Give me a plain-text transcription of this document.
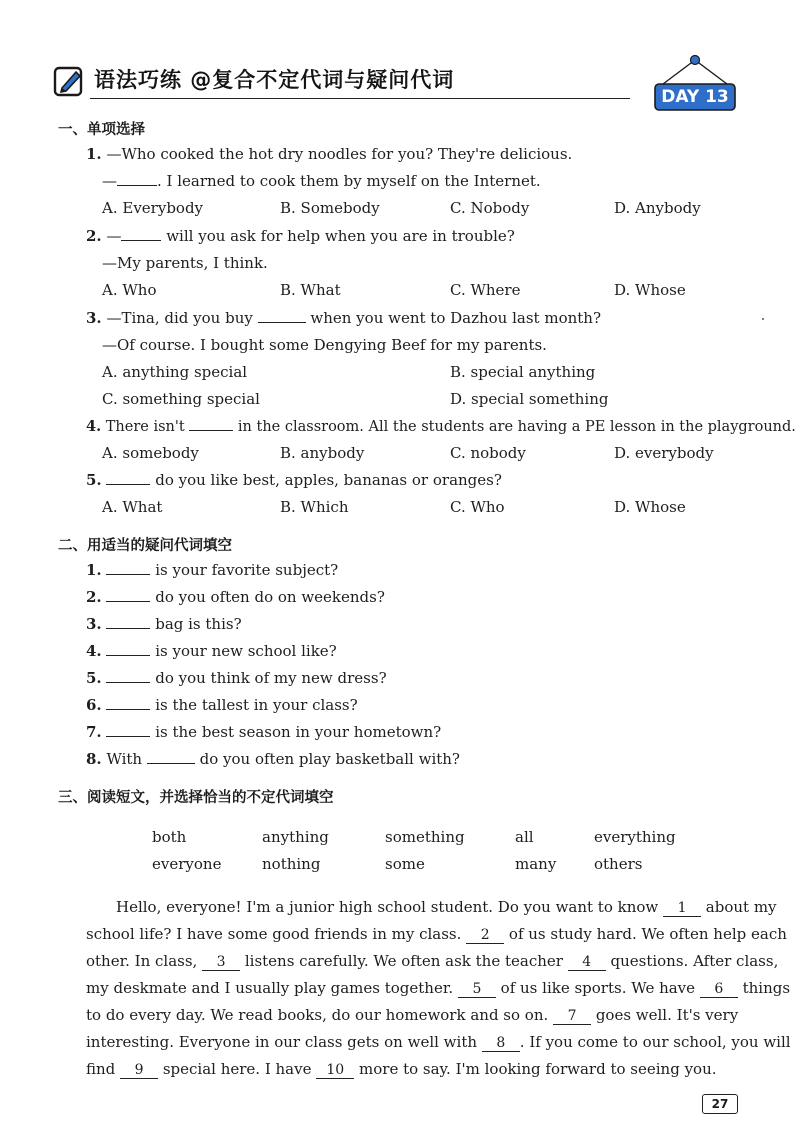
语法巧练 @复合不定代词与疑问代词
DAY 13
一、单项选择
1. —Who cooked the hot dry noodles for you? They're delicious.
—	. I learned to cook them by myself on the Internet.
A. Everybody	B. Somebody	C. Nobody	D. Anybody
2. —	will you ask for help when you are in trouble?
—My parents, I think.
A. Who	B. What	C. Where	D. Whose
3. —Tina, did you buy	when you went to Dazhou last month?
—Of course. I bought some Dengying Beef for my parents.
A. anything special	B. special anything
C. something special	D. special something
4. There isn't	in the classroom. All the students are having a PE lesson in the playground.
A. somebody	B. anybody	C. nobody	D. everybody
5.	do you like best, apples, bananas or oranges?
A. What	B. Which	C. Who	D. Whose
二、用适当的疑问代词填空
1.	is your favorite subject?
2.	do you often do on weekends?
3.	bag is this?
4.	is your new school like?
5.	do you think of my new dress?
6.	is the tallest in your class?
7.	is the best season in your hometown?
8. With	do you often play basketball with?
三、阅读短文，并选择恰当的不定代词填空
both	anything	something	all	everything
everyone	nothing	some	many	others
Hello, everyone! I'm a junior high school student. Do you want to know 1 about my
school life? I have some good friends in my class. 2 of us study hard. We often help each
other. In class, 3 listens carefully. We often ask the teacher 4 questions. After class,
my deskmate and I usually play games together. 5 of us like sports. We have 6 things
to do every day. We read books, do our homework and so on. 7 goes well. It's very
interesting. Everyone in our class gets on well with 8 . If you come to our school, you will
find 9 special here. I have 10 more to say. I'm looking forward to seeing you.
27
